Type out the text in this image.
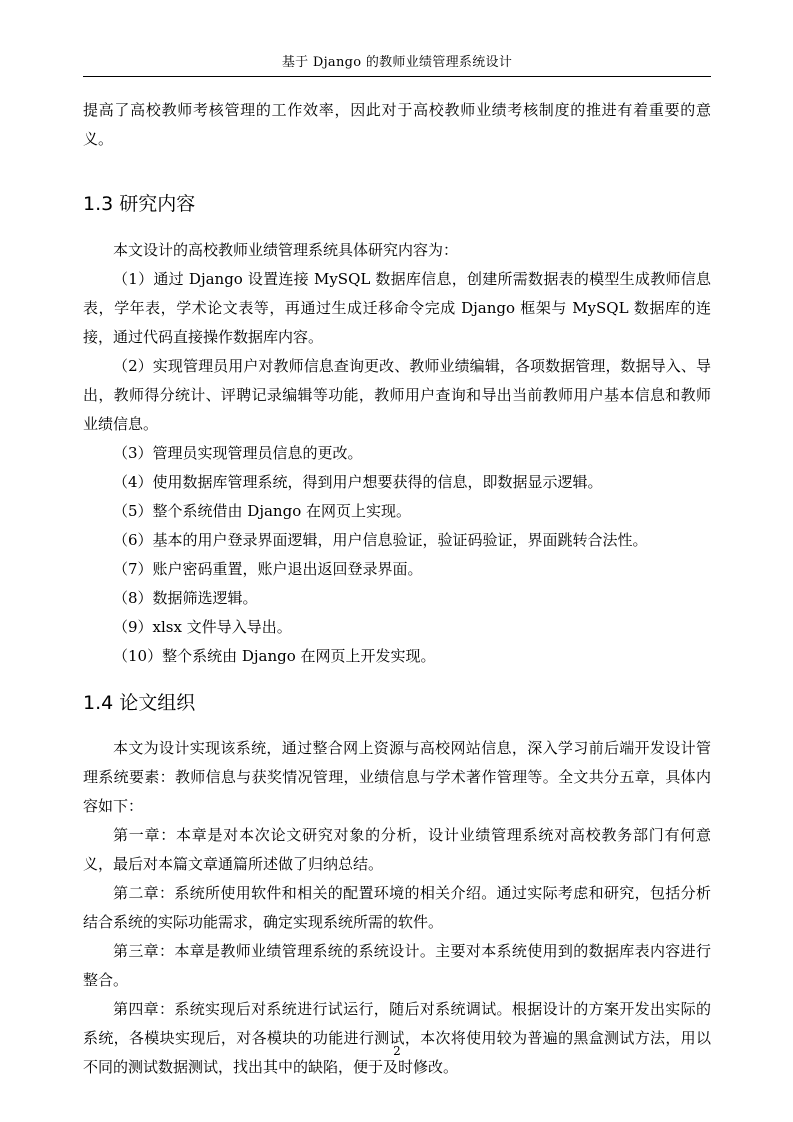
基于 Django 的教师业绩管理系统设计

提高了高校教师考核管理的工作效率，因此对于高校教师业绩考核制度的推进有着重要的意义。

1.3 研究内容

本文设计的高校教师业绩管理系统具体研究内容为：

（1）通过 Django 设置连接 MySQL 数据库信息，创建所需数据表的模型生成教师信息表，学年表，学术论文表等，再通过生成迁移命令完成 Django 框架与 MySQL 数据库的连接，通过代码直接操作数据库内容。

（2）实现管理员用户对教师信息查询更改、教师业绩编辑，各项数据管理，数据导入、导出，教师得分统计、评聘记录编辑等功能，教师用户查询和导出当前教师用户基本信息和教师业绩信息。

（3）管理员实现管理员信息的更改。

（4）使用数据库管理系统，得到用户想要获得的信息，即数据显示逻辑。

（5）整个系统借由 Django 在网页上实现。

（6）基本的用户登录界面逻辑，用户信息验证，验证码验证，界面跳转合法性。

（7）账户密码重置，账户退出返回登录界面。

（8）数据筛选逻辑。

（9）xlsx 文件导入导出。

（10）整个系统由 Django 在网页上开发实现。

1.4 论文组织

本文为设计实现该系统，通过整合网上资源与高校网站信息，深入学习前后端开发设计管理系统要素：教师信息与获奖情况管理，业绩信息与学术著作管理等。全文共分五章，具体内容如下：

第一章：本章是对本次论文研究对象的分析，设计业绩管理系统对高校教务部门有何意义，最后对本篇文章通篇所述做了归纳总结。

第二章：系统所使用软件和相关的配置环境的相关介绍。通过实际考虑和研究，包括分析结合系统的实际功能需求，确定实现系统所需的软件。

第三章：本章是教师业绩管理系统的系统设计。主要对本系统使用到的数据库表内容进行整合。

第四章：系统实现后对系统进行试运行，随后对系统调试。根据设计的方案开发出实际的系统，各模块实现后，对各模块的功能进行测试，本次将使用较为普遍的黑盒测试方法，用以不同的测试数据测试，找出其中的缺陷，便于及时修改。

2
